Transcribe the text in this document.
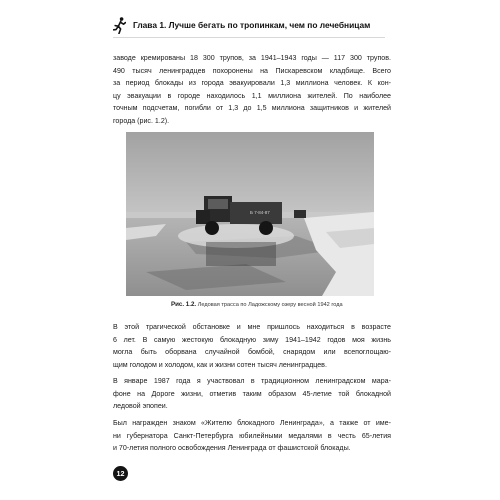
Глава 1. Лучше бегать по тропинкам, чем по лечебницам
заводе кремированы 18 300 трупов, за 1941–1943 годы — 117 300 трупов.
490 тысяч ленинградцев похоронены на Пискаревском кладбище. Всего
за период блокады из города эвакуировали 1,3 миллиона человек. К кон-
цу эвакуации в городе находилось 1,1 миллиона жителей. По наиболее
точным подсчетам, погибли от 1,3 до 1,5 миллиона защитников и жителей
города (рис. 1.2).
Б 7-84-87
Рис. 1.2. Ледовая трасса по Ладожскому озеру весной 1942 года
В этой трагической обстановке и мне пришлось находиться в возрасте
6 лет. В самую жестокую блокадную зиму 1941–1942 годов моя жизнь
могла быть оборвана случайной бомбой, снарядом или всепоглощаю-
щим голодом и холодом, как и жизни сотен тысяч ленинградцев.
В январе 1987 года я участвовал в традиционном ленинградском мара-
фоне на Дороге жизни, отметив таким образом 45-летие той блокадной
ледовой эпопеи.
Был награжден знаком «Жителю блокадного Ленинграда», а также от име-
ни губернатора Санкт-Петербурга юбилейными медалями в честь 65-летия
и 70-летия полного освобождения Ленинграда от фашистской блокады.
12
